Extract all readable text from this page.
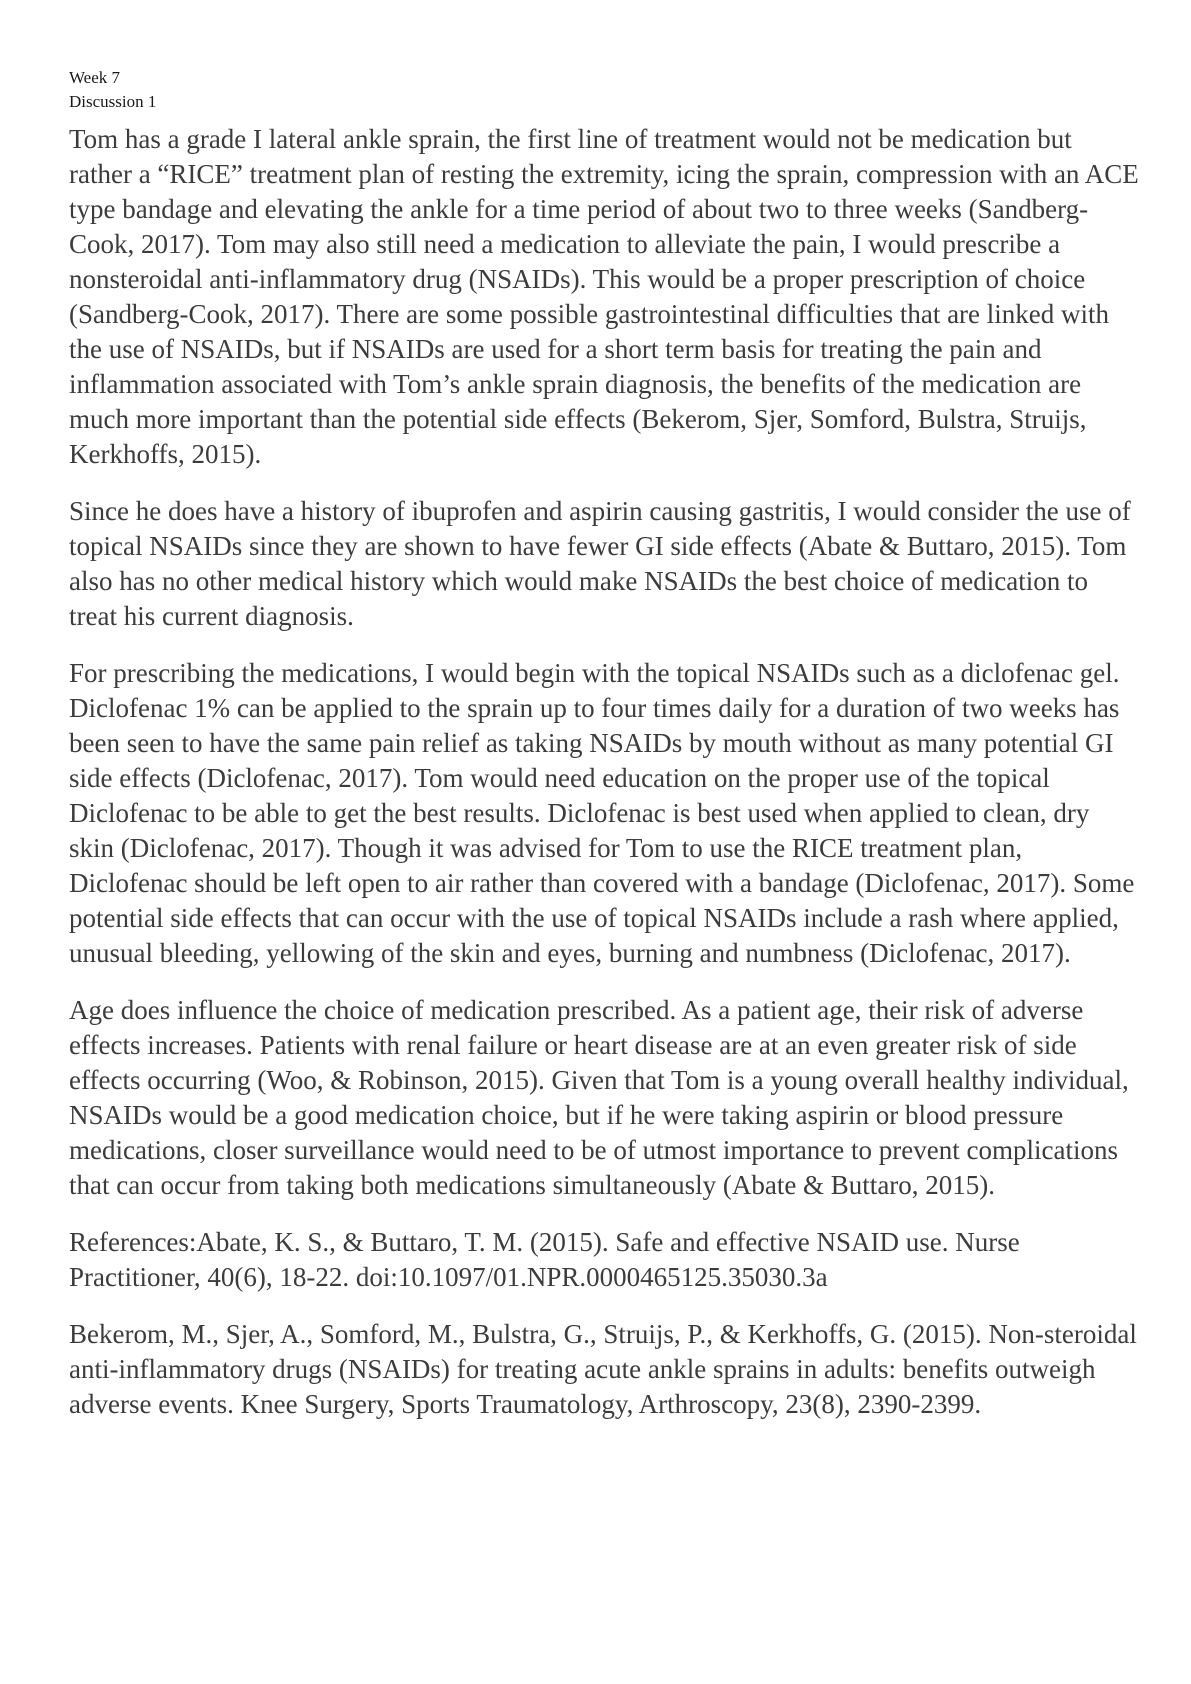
Week 7

Discussion 1

Tom has a grade I lateral ankle sprain, the first line of treatment would not be medication but rather a “RICE” treatment plan of resting the extremity, icing the sprain, compression with an ACE type bandage and elevating the ankle for a time period of about two to three weeks (Sandberg-Cook, 2017). Tom may also still need a medication to alleviate the pain, I would prescribe a nonsteroidal anti-inflammatory drug (NSAIDs). This would be a proper prescription of choice (Sandberg-Cook, 2017). There are some possible gastrointestinal difficulties that are linked with the use of NSAIDs, but if NSAIDs are used for a short term basis for treating the pain and inflammation associated with Tom’s ankle sprain diagnosis, the benefits of the medication are much more important than the potential side effects (Bekerom, Sjer, Somford, Bulstra, Struijs, Kerkhoffs, 2015).

Since he does have a history of ibuprofen and aspirin causing gastritis, I would consider the use of topical NSAIDs since they are shown to have fewer GI side effects (Abate & Buttaro, 2015). Tom also has no other medical history which would make NSAIDs the best choice of medication to treat his current diagnosis.

For prescribing the medications, I would begin with the topical NSAIDs such as a diclofenac gel. Diclofenac 1% can be applied to the sprain up to four times daily for a duration of two weeks has been seen to have the same pain relief as taking NSAIDs by mouth without as many potential GI side effects (Diclofenac, 2017). Tom would need education on the proper use of the topical Diclofenac to be able to get the best results. Diclofenac is best used when applied to clean, dry skin (Diclofenac, 2017). Though it was advised for Tom to use the RICE treatment plan, Diclofenac should be left open to air rather than covered with a bandage (Diclofenac, 2017). Some potential side effects that can occur with the use of topical NSAIDs include a rash where applied, unusual bleeding, yellowing of the skin and eyes, burning and numbness (Diclofenac, 2017).

Age does influence the choice of medication prescribed. As a patient age, their risk of adverse effects increases. Patients with renal failure or heart disease are at an even greater risk of side effects occurring (Woo, & Robinson, 2015). Given that Tom is a young overall healthy individual, NSAIDs would be a good medication choice, but if he were taking aspirin or blood pressure medications, closer surveillance would need to be of utmost importance to prevent complications that can occur from taking both medications simultaneously (Abate & Buttaro, 2015).

References:Abate, K. S., & Buttaro, T. M. (2015). Safe and effective NSAID use. Nurse Practitioner, 40(6), 18-22. doi:10.1097/01.NPR.0000465125.35030.3a

Bekerom, M., Sjer, A., Somford, M., Bulstra, G., Struijs, P., & Kerkhoffs, G. (2015). Non-steroidal anti-inflammatory drugs (NSAIDs) for treating acute ankle sprains in adults: benefits outweigh adverse events. Knee Surgery, Sports Traumatology, Arthroscopy, 23(8), 2390-2399.
